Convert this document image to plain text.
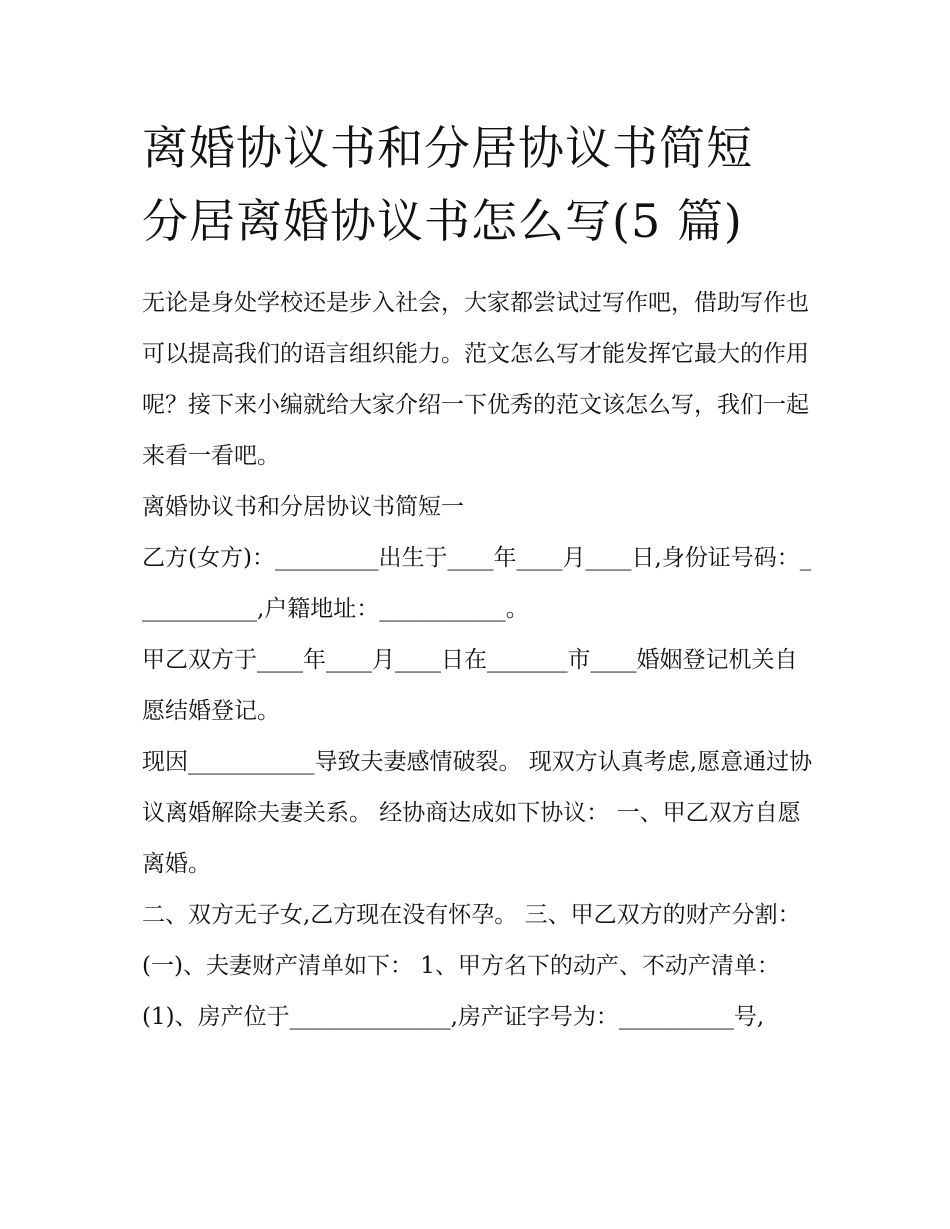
离婚协议书和分居协议书简短
分居离婚协议书怎么写(5 篇)

无论是身处学校还是步入社会，大家都尝试过写作吧，借助写作也可以提高我们的语言组织能力。范文怎么写才能发挥它最大的作用呢？接下来小编就给大家介绍一下优秀的范文该怎么写，我们一起来看一看吧。

离婚协议书和分居协议书简短一

乙方(女方)：_________出生于____年____月____日,身份证号码：___________,户籍地址：___________。

甲乙双方于____年____月____日在_______市____婚姻登记机关自愿结婚登记。

现因___________导致夫妻感情破裂。 现双方认真考虑,愿意通过协议离婚解除夫妻关系。 经协商达成如下协议： 一、甲乙双方自愿离婚。

二、双方无子女,乙方现在没有怀孕。 三、甲乙双方的财产分割： (一)、夫妻财产清单如下： 1、甲方名下的动产、不动产清单：

(1)、房产位于______________,房产证字号为：__________号,
